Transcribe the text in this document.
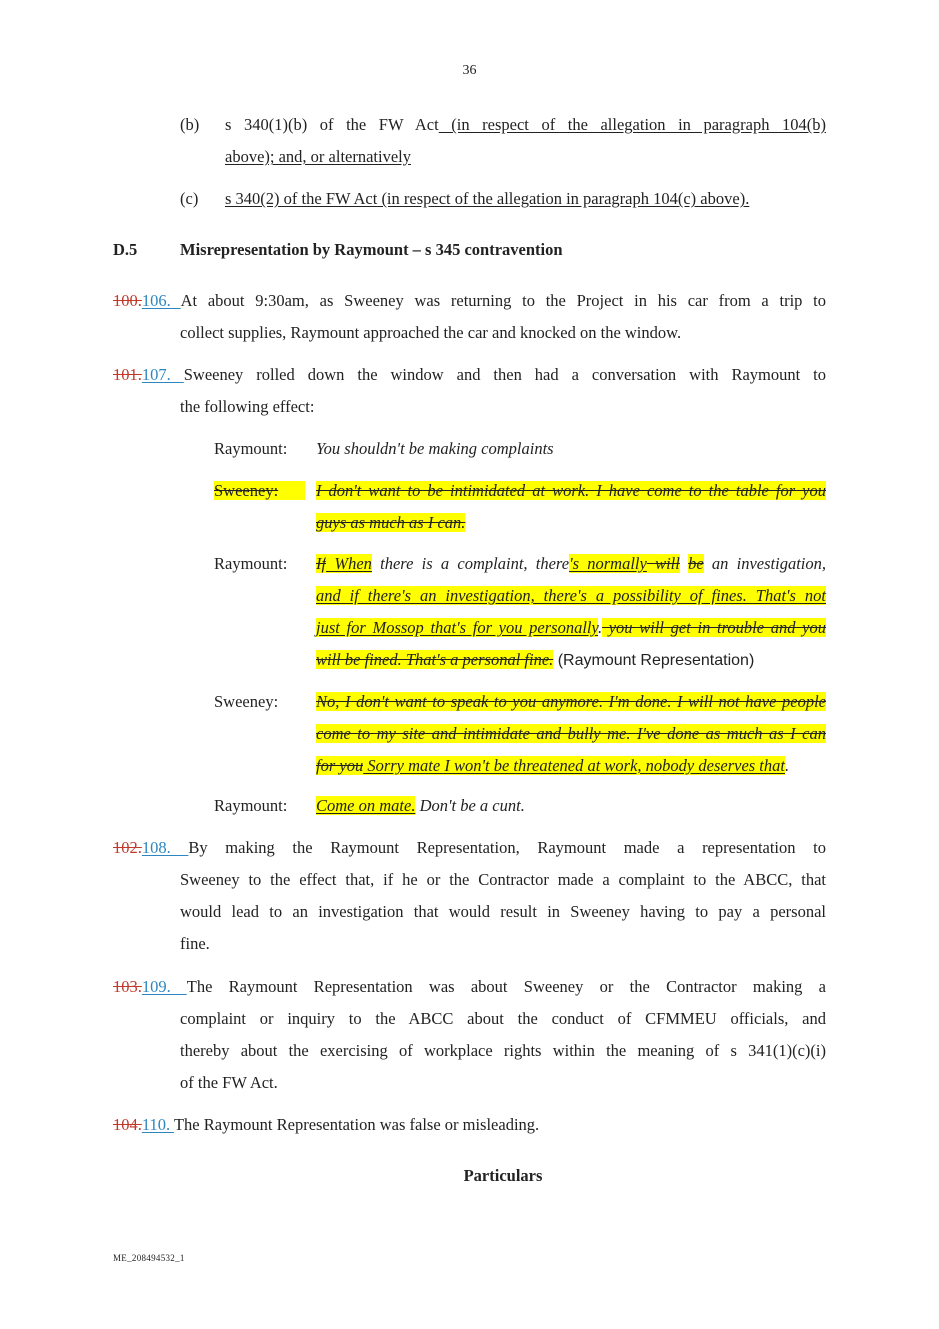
36
(b) s 340(1)(b) of the FW Act (in respect of the allegation in paragraph 104(b)
above); and, or alternatively
(c) s 340(2) of the FW Act (in respect of the allegation in paragraph 104(c) above).
D.5	Misrepresentation by Raymount – s 345 contravention
100.106. At about 9:30am, as Sweeney was returning to the Project in his car from a trip to
collect supplies, Raymount approached the car and knocked on the window.
101.107. Sweeney rolled down the window and then had a conversation with Raymount to
the following effect:
Raymount: You shouldn't be making complaints
Sweeney:	I don't want to be intimidated at work. I have come to the table for you
guys as much as I can.
Raymount: If When there is a complaint, there's normally will be an investigation,
and if there's an investigation, there's a possibility of fines. That's not
just for Mossop that's for you personally. you will get in trouble and you
will be fined. That's a personal fine. (Raymount Representation)
Sweeney: No, I don't want to speak to you anymore. I'm done. I will not have people
come to my site and intimidate and bully me. I've done as much as I can
for you Sorry mate I won't be threatened at work, nobody deserves that.
Raymount: Come on mate. Don't be a cunt.
102.108. By making the Raymount Representation, Raymount made a representation to
Sweeney to the effect that, if he or the Contractor made a complaint to the ABCC, that
would lead to an investigation that would result in Sweeney having to pay a personal
fine.
103.109. The Raymount Representation was about Sweeney or the Contractor making a
complaint or inquiry to the ABCC about the conduct of CFMMEU officials, and
thereby about the exercising of workplace rights within the meaning of s 341(1)(c)(i)
of the FW Act.
104.110. The Raymount Representation was false or misleading.
Particulars
ME_208494532_1
